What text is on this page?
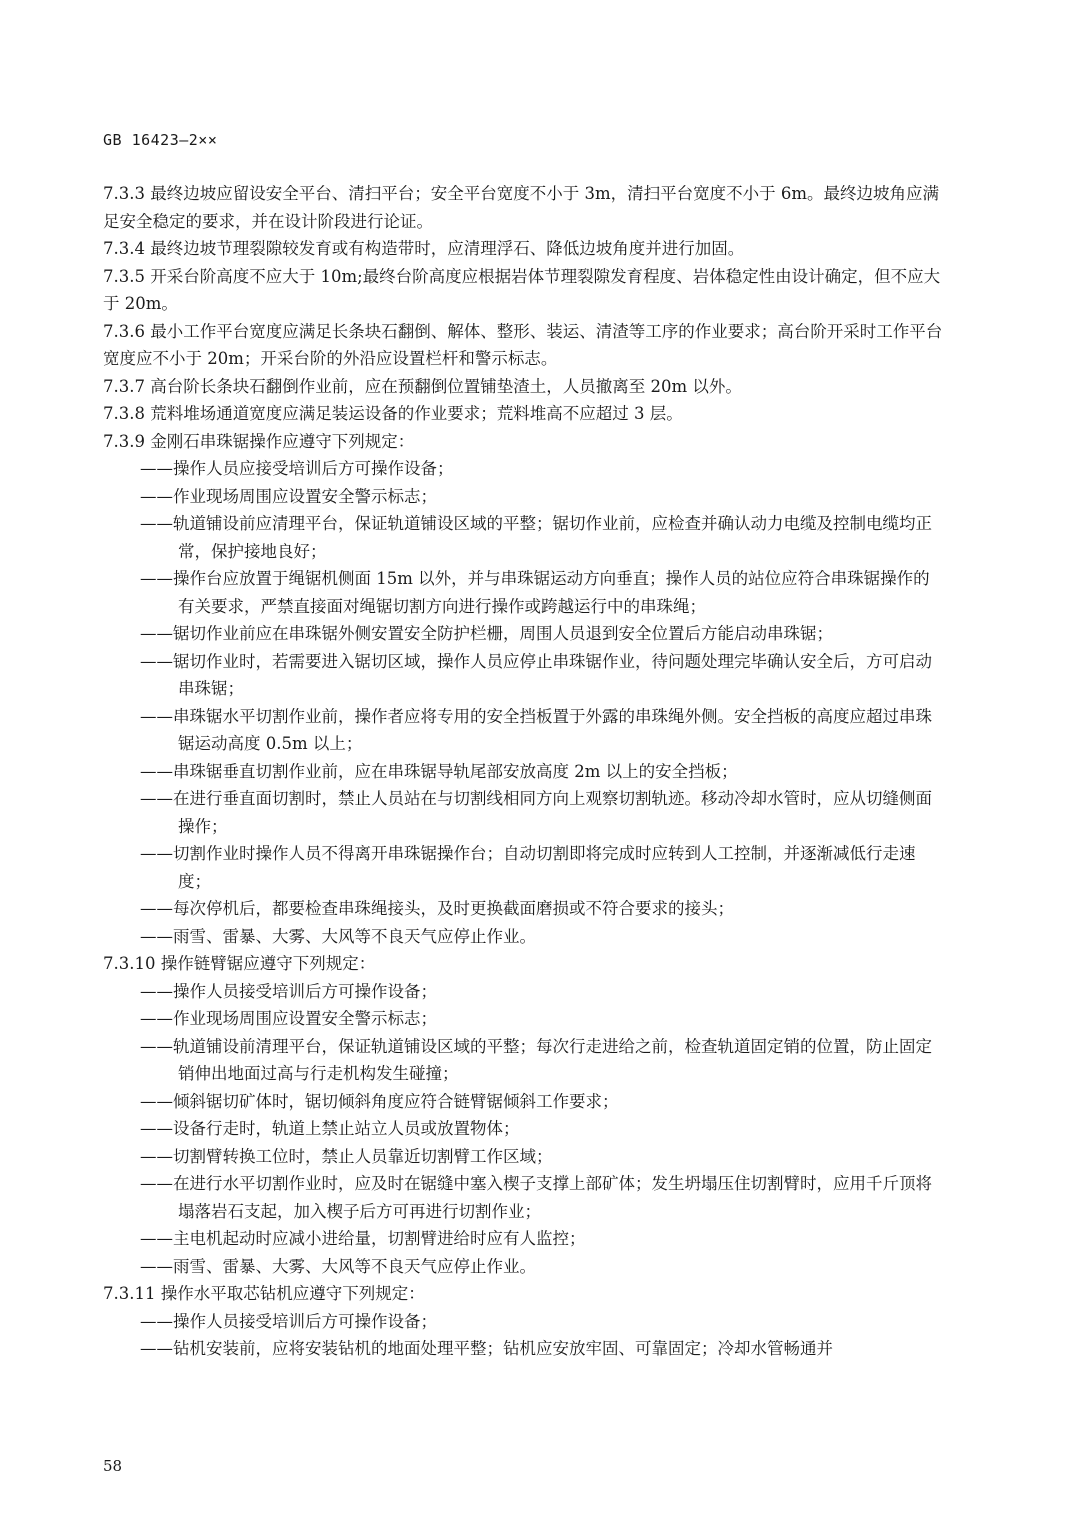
GB 16423—2××

7.3.3 最终边坡应留设安全平台、清扫平台；安全平台宽度不小于 3m，清扫平台宽度不小于 6m。最终边坡角应满足安全稳定的要求，并在设计阶段进行论证。

7.3.4 最终边坡节理裂隙较发育或有构造带时，应清理浮石、降低边坡角度并进行加固。

7.3.5 开采台阶高度不应大于 10m;最终台阶高度应根据岩体节理裂隙发育程度、岩体稳定性由设计确定，但不应大于 20m。

7.3.6 最小工作平台宽度应满足长条块石翻倒、解体、整形、装运、清渣等工序的作业要求；高台阶开采时工作平台宽度应不小于 20m；开采台阶的外沿应设置栏杆和警示标志。

7.3.7 高台阶长条块石翻倒作业前，应在预翻倒位置铺垫渣土，人员撤离至 20m 以外。

7.3.8 荒料堆场通道宽度应满足装运设备的作业要求；荒料堆高不应超过 3 层。

7.3.9 金刚石串珠锯操作应遵守下列规定：

——操作人员应接受培训后方可操作设备；

——作业现场周围应设置安全警示标志；

——轨道铺设前应清理平台，保证轨道铺设区域的平整；锯切作业前，应检查并确认动力电缆及控制电缆均正常，保护接地良好；

——操作台应放置于绳锯机侧面 15m 以外，并与串珠锯运动方向垂直；操作人员的站位应符合串珠锯操作的有关要求，严禁直接面对绳锯切割方向进行操作或跨越运行中的串珠绳；

——锯切作业前应在串珠锯外侧安置安全防护栏栅，周围人员退到安全位置后方能启动串珠锯；

——锯切作业时，若需要进入锯切区域，操作人员应停止串珠锯作业，待问题处理完毕确认安全后，方可启动串珠锯；

——串珠锯水平切割作业前，操作者应将专用的安全挡板置于外露的串珠绳外侧。安全挡板的高度应超过串珠锯运动高度 0.5m 以上；

——串珠锯垂直切割作业前，应在串珠锯导轨尾部安放高度 2m 以上的安全挡板；

——在进行垂直面切割时，禁止人员站在与切割线相同方向上观察切割轨迹。移动冷却水管时，应从切缝侧面操作；

——切割作业时操作人员不得离开串珠锯操作台；自动切割即将完成时应转到人工控制，并逐渐减低行走速度；

——每次停机后，都要检查串珠绳接头，及时更换截面磨损或不符合要求的接头；

——雨雪、雷暴、大雾、大风等不良天气应停止作业。

7.3.10 操作链臂锯应遵守下列规定：

——操作人员接受培训后方可操作设备；

——作业现场周围应设置安全警示标志；

——轨道铺设前清理平台，保证轨道铺设区域的平整；每次行走进给之前，检查轨道固定销的位置，防止固定销伸出地面过高与行走机构发生碰撞；

——倾斜锯切矿体时，锯切倾斜角度应符合链臂锯倾斜工作要求；

——设备行走时，轨道上禁止站立人员或放置物体；

——切割臂转换工位时，禁止人员靠近切割臂工作区域；

——在进行水平切割作业时，应及时在锯缝中塞入楔子支撑上部矿体；发生坍塌压住切割臂时，应用千斤顶将塌落岩石支起，加入楔子后方可再进行切割作业；

——主电机起动时应减小进给量，切割臂进给时应有人监控；

——雨雪、雷暴、大雾、大风等不良天气应停止作业。

7.3.11 操作水平取芯钻机应遵守下列规定：

——操作人员接受培训后方可操作设备；

——钻机安装前，应将安装钻机的地面处理平整；钻机应安放牢固、可靠固定；冷却水管畅通并

58
